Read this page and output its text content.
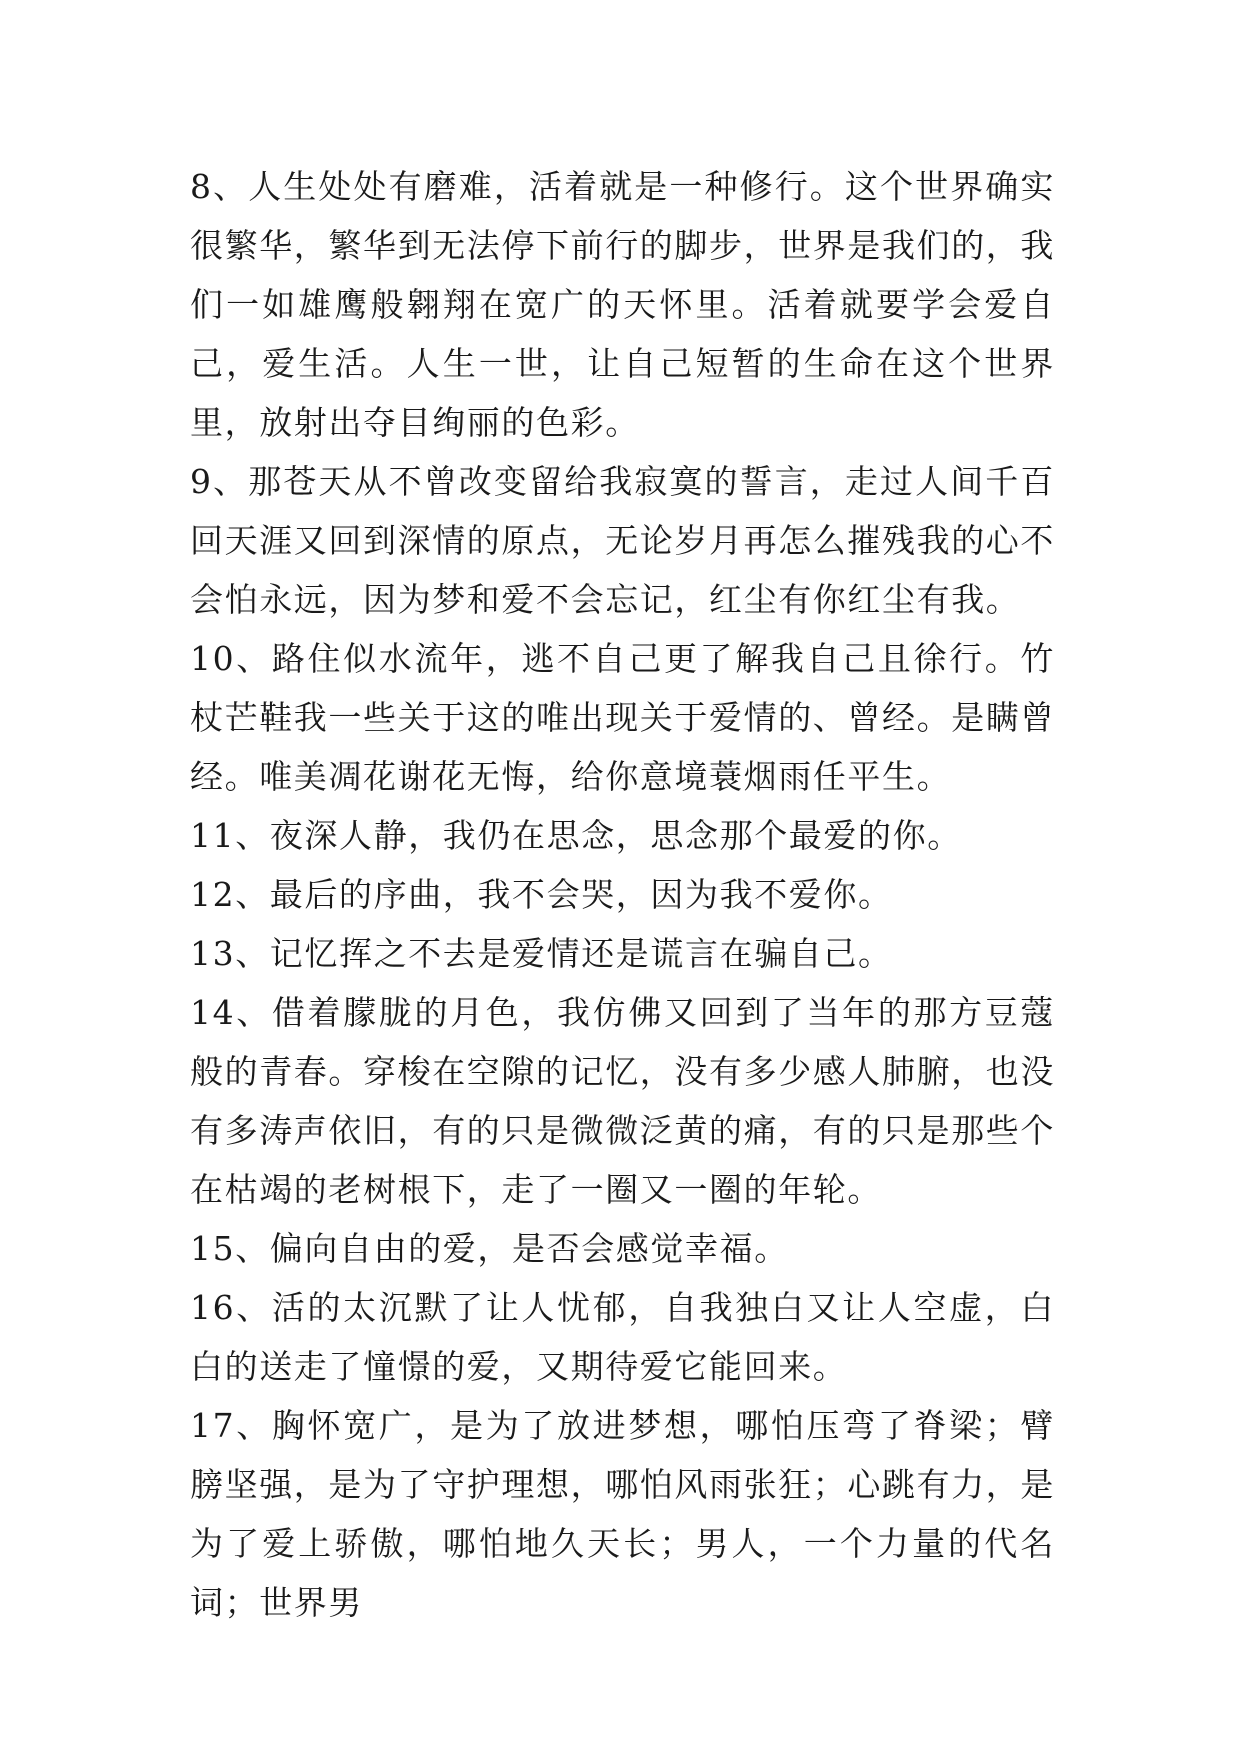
8、人生处处有磨难，活着就是一种修行。这个世界确实很繁华，繁华到无法停下前行的脚步，世界是我们的，我们一如雄鹰般翱翔在宽广的天怀里。活着就要学会爱自己，爱生活。人生一世，让自己短暂的生命在这个世界里，放射出夺目绚丽的色彩。

9、那苍天从不曾改变留给我寂寞的誓言，走过人间千百回天涯又回到深情的原点，无论岁月再怎么摧残我的心不会怕永远，因为梦和爱不会忘记，红尘有你红尘有我。

10、路住似水流年，逃不自己更了解我自己且徐行。竹杖芒鞋我一些关于这的唯出现关于爱情的、曾经。是瞒曾经。唯美凋花谢花无悔，给你意境蓑烟雨任平生。

11、夜深人静，我仍在思念，思念那个最爱的你。

12、最后的序曲，我不会哭，因为我不爱你。

13、记忆挥之不去是爱情还是谎言在骗自己。

14、借着朦胧的月色，我仿佛又回到了当年的那方豆蔻般的青春。穿梭在空隙的记忆，没有多少感人肺腑，也没有多涛声依旧，有的只是微微泛黄的痛，有的只是那些个在枯竭的老树根下，走了一圈又一圈的年轮。

15、偏向自由的爱，是否会感觉幸福。

16、活的太沉默了让人忧郁，自我独白又让人空虚，白白的送走了憧憬的爱，又期待爱它能回来。

17、胸怀宽广，是为了放进梦想，哪怕压弯了脊梁；臂膀坚强，是为了守护理想，哪怕风雨张狂；心跳有力，是为了爱上骄傲，哪怕地久天长；男人，一个力量的代名词；世界男
